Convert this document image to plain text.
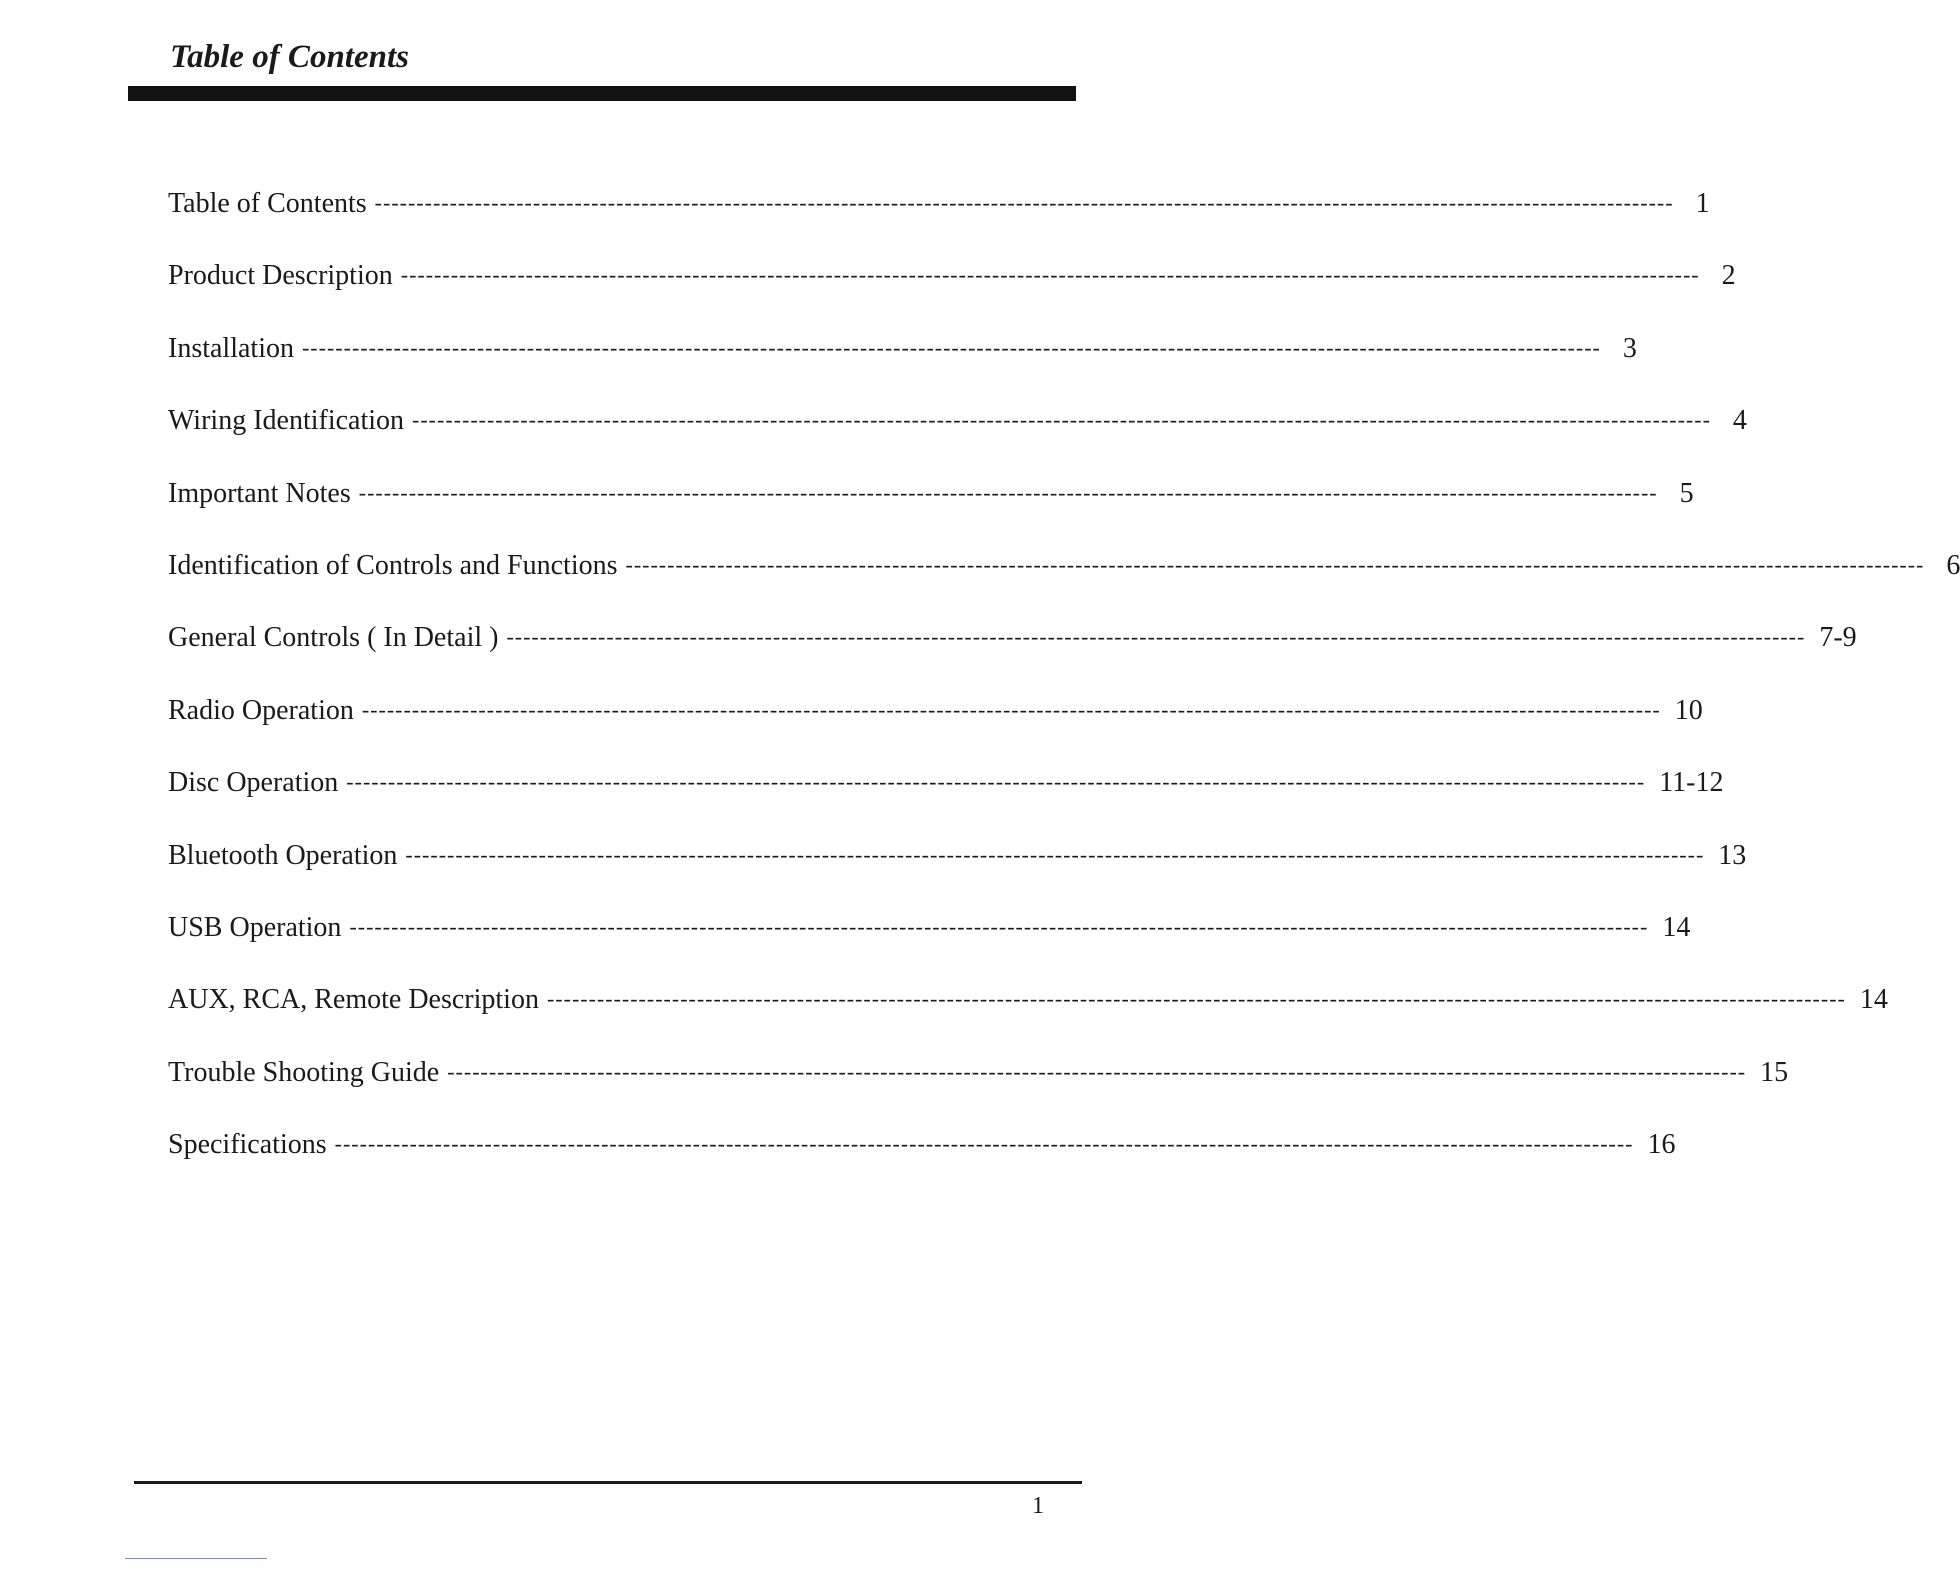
Table of Contents
Table of Contents ------------------------------------------------------------------------------------------------------------------------------------------------------------ 1
Product Description ------------------------------------------------------------------------------------------------------------------------------------------------------------ 2
Installation ------------------------------------------------------------------------------------------------------------------------------------------------------------ 3
Wiring Identification ------------------------------------------------------------------------------------------------------------------------------------------------------------ 4
Important Notes ------------------------------------------------------------------------------------------------------------------------------------------------------------ 5
Identification of Controls and Functions ------------------------------------------------------------------------------------------------------------------------------------------------------------ 6
General Controls ( In Detail ) ------------------------------------------------------------------------------------------------------------------------------------------------------------ 7-9
Radio Operation ------------------------------------------------------------------------------------------------------------------------------------------------------------ 10
Disc Operation ------------------------------------------------------------------------------------------------------------------------------------------------------------ 11-12
Bluetooth Operation ------------------------------------------------------------------------------------------------------------------------------------------------------------ 13
USB Operation ------------------------------------------------------------------------------------------------------------------------------------------------------------ 14
AUX, RCA, Remote Description ------------------------------------------------------------------------------------------------------------------------------------------------------------ 14
Trouble Shooting Guide ------------------------------------------------------------------------------------------------------------------------------------------------------------ 15
Specifications ------------------------------------------------------------------------------------------------------------------------------------------------------------ 16
1
